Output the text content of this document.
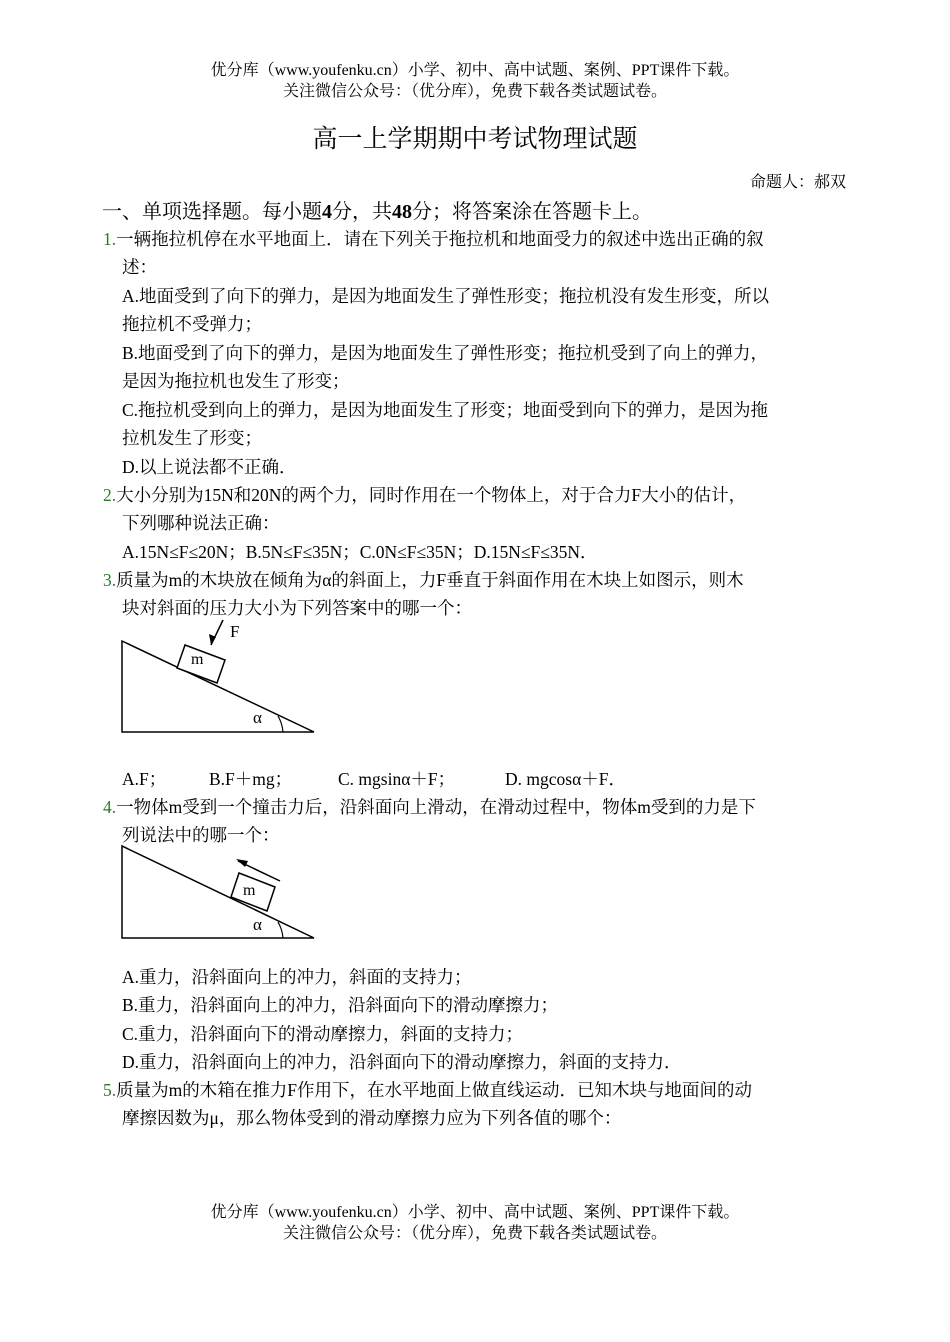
优分库（www.youfenku.cn）小学、初中、高中试题、案例、PPT课件下载。
关注微信公众号：（优分库），免费下载各类试题试卷。
高一上学期期中考试物理试题
命题人：郝双
一、单项选择题。每小题4分，共48分；将答案涂在答题卡上。
1.一辆拖拉机停在水平地面上．请在下列关于拖拉机和地面受力的叙述中选出正确的叙
述：
A.地面受到了向下的弹力，是因为地面发生了弹性形变；拖拉机没有发生形变，所以
拖拉机不受弹力；
B.地面受到了向下的弹力，是因为地面发生了弹性形变；拖拉机受到了向上的弹力，
是因为拖拉机也发生了形变；
C.拖拉机受到向上的弹力，是因为地面发生了形变；地面受到向下的弹力，是因为拖
拉机发生了形变；
D.以上说法都不正确．
2.大小分别为15N和20N的两个力，同时作用在一个物体上，对于合力F大小的估计，
下列哪种说法正确：
A.15N≤F≤20N；B.5N≤F≤35N；C.0N≤F≤35N；D.15N≤F≤35N．
3.质量为m的木块放在倾角为α的斜面上，力F垂直于斜面作用在木块上如图示，则木
块对斜面的压力大小为下列答案中的哪一个：
m
F
α
m
α
A.F； B.F＋mg；	C. mgsinα＋F；	D. mgcosα＋F．
4.一物体m受到一个撞击力后，沿斜面向上滑动，在滑动过程中，物体m受到的力是下
列说法中的哪一个：
A.重力，沿斜面向上的冲力，斜面的支持力；
B.重力，沿斜面向上的冲力，沿斜面向下的滑动摩擦力；
C.重力，沿斜面向下的滑动摩擦力，斜面的支持力；
D.重力，沿斜面向上的冲力，沿斜面向下的滑动摩擦力，斜面的支持力．
5.质量为m的木箱在推力F作用下，在水平地面上做直线运动．已知木块与地面间的动
摩擦因数为μ，那么物体受到的滑动摩擦力应为下列各值的哪个：
优分库（www.youfenku.cn）小学、初中、高中试题、案例、PPT课件下载。
关注微信公众号：（优分库），免费下载各类试题试卷。
